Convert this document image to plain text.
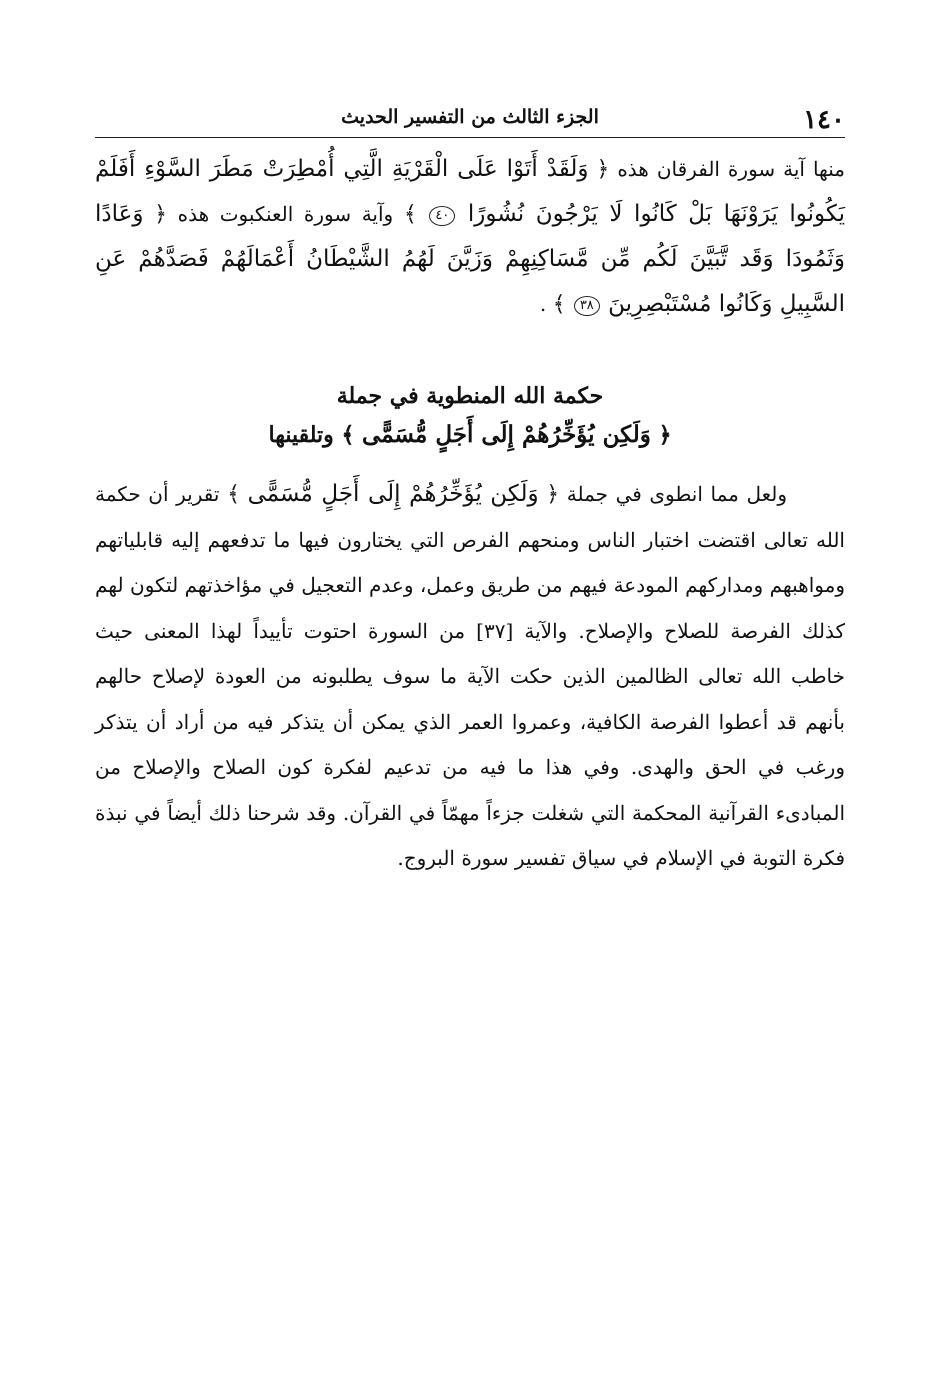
١٤٠
الجزء الثالث من التفسير الحديث
منها آية سورة الفرقان هذه ﴿ وَلَقَدْ أَتَوْا عَلَى الْقَرْيَةِ الَّتِي أُمْطِرَتْ مَطَرَ السَّوْءِ أَفَلَمْ يَكُونُوا يَرَوْنَهَا بَلْ كَانُوا لَا يَرْجُونَ نُشُورًا ٤٠ ﴾ وآية سورة العنكبوت هذه ﴿ وَعَادًا وَثَمُودَا وَقَد تَّبَيَّنَ لَكُم مِّن مَّسَاكِنِهِمْ وَزَيَّنَ لَهُمُ الشَّيْطَانُ أَعْمَالَهُمْ فَصَدَّهُمْ عَنِ السَّبِيلِ وَكَانُوا مُسْتَبْصِرِينَ ٣٨ ﴾ .
حكمة الله المنطوية في جملة
﴿ وَلَكِن يُؤَخِّرُهُمْ إِلَى أَجَلٍ مُّسَمًّى ﴾ وتلقينها
ولعل مما انطوى في جملة ﴿ وَلَكِن يُؤَخِّرُهُمْ إِلَى أَجَلٍ مُّسَمًّى ﴾ تقرير أن حكمة الله تعالى اقتضت اختبار الناس ومنحهم الفرص التي يختارون فيها ما تدفعهم إليه قابلياتهم ومواهبهم ومداركهم المودعة فيهم من طريق وعمل، وعدم التعجيل في مؤاخذتهم لتكون لهم كذلك الفرصة للصلاح والإصلاح. والآية [٣٧] من السورة احتوت تأييداً لهذا المعنى حيث خاطب الله تعالى الظالمين الذين حكت الآية ما سوف يطلبونه من العودة لإصلاح حالهم بأنهم قد أعطوا الفرصة الكافية، وعمروا العمر الذي يمكن أن يتذكر فيه من أراد أن يتذكر ورغب في الحق والهدى. وفي هذا ما فيه من تدعيم لفكرة كون الصلاح والإصلاح من المبادىء القرآنية المحكمة التي شغلت جزءاً مهمّاً في القرآن. وقد شرحنا ذلك أيضاً في نبذة فكرة التوبة في الإسلام في سياق تفسير سورة البروج.
